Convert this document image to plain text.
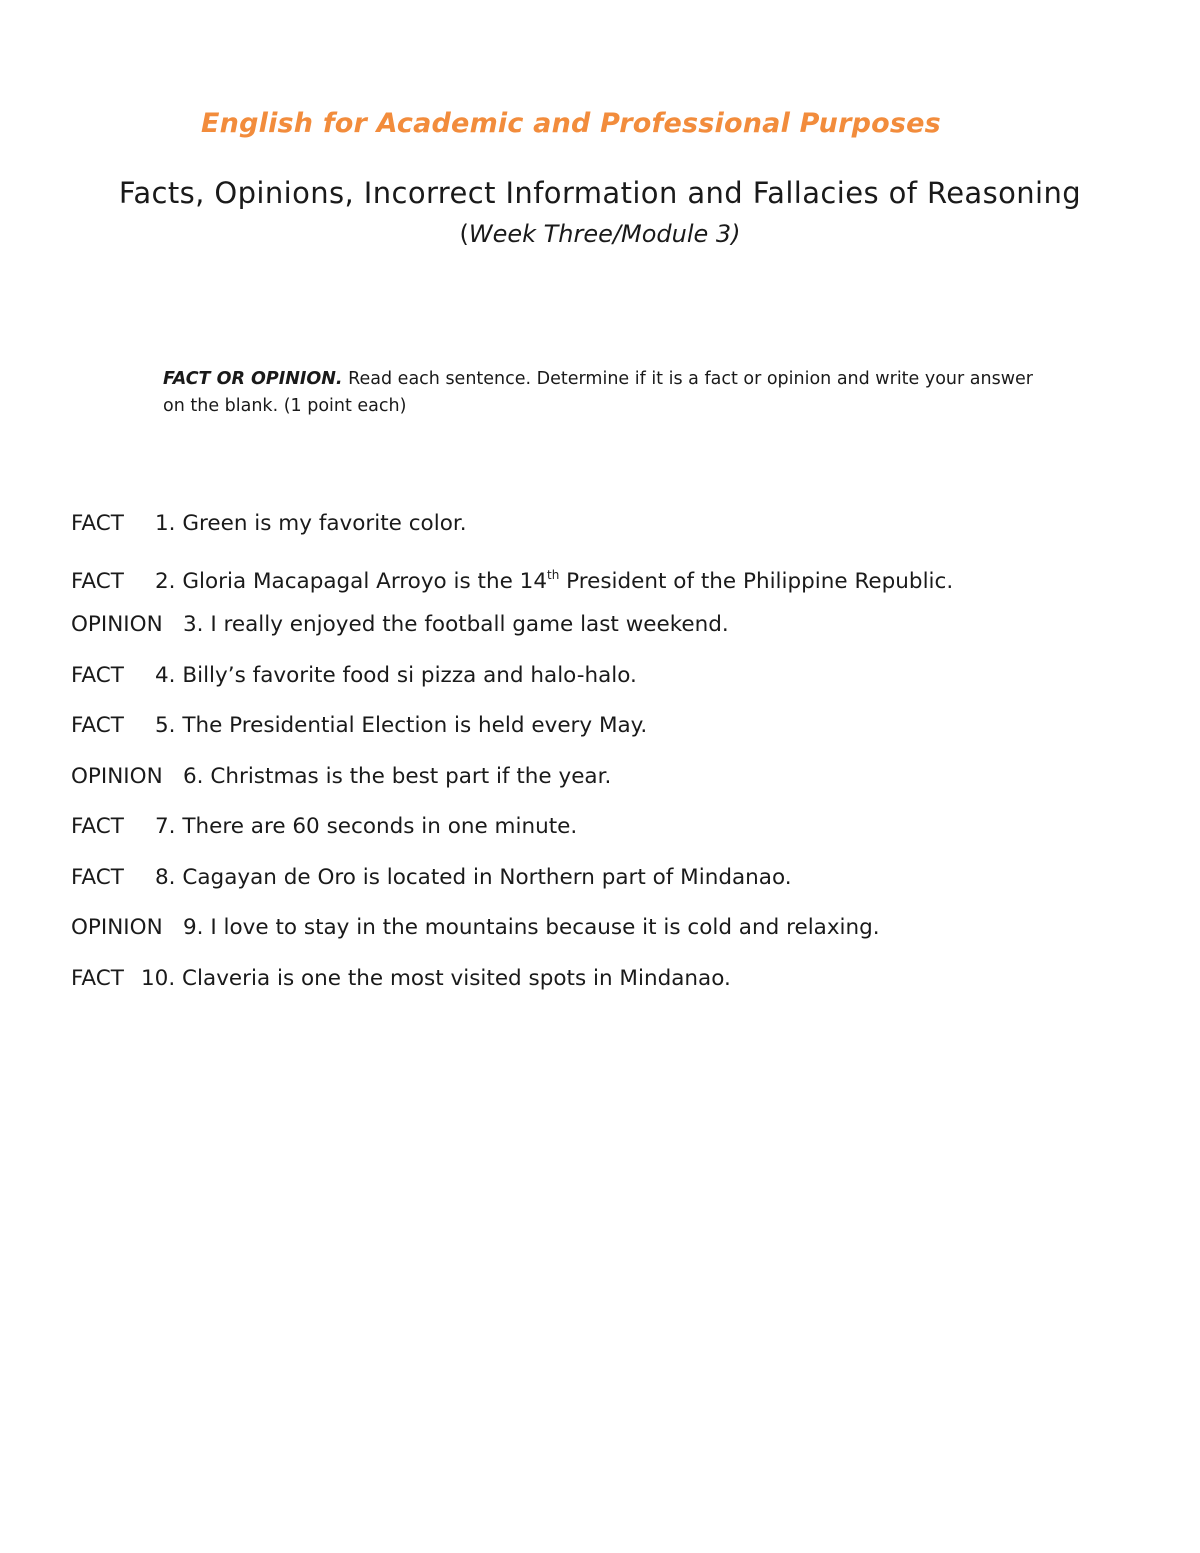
English for Academic and Professional Purposes
Facts, Opinions, Incorrect Information and Fallacies of Reasoning
(Week Three/Module 3)
FACT OR OPINION. Read each sentence. Determine if it is a fact or opinion and write your answer on the blank. (1 point each)
FACT 1. Green is my favorite color.
FACT 2. Gloria Macapagal Arroyo is the 14th President of the Philippine Republic.
OPINION 3. I really enjoyed the football game last weekend.
FACT 4. Billy’s favorite food si pizza and halo-halo.
FACT 5. The Presidential Election is held every May.
OPINION 6. Christmas is the best part if the year.
FACT 7. There are 60 seconds in one minute.
FACT 8. Cagayan de Oro is located in Northern part of Mindanao.
OPINION 9. I love to stay in the mountains because it is cold and relaxing.
FACT 10. Claveria is one the most visited spots in Mindanao.
